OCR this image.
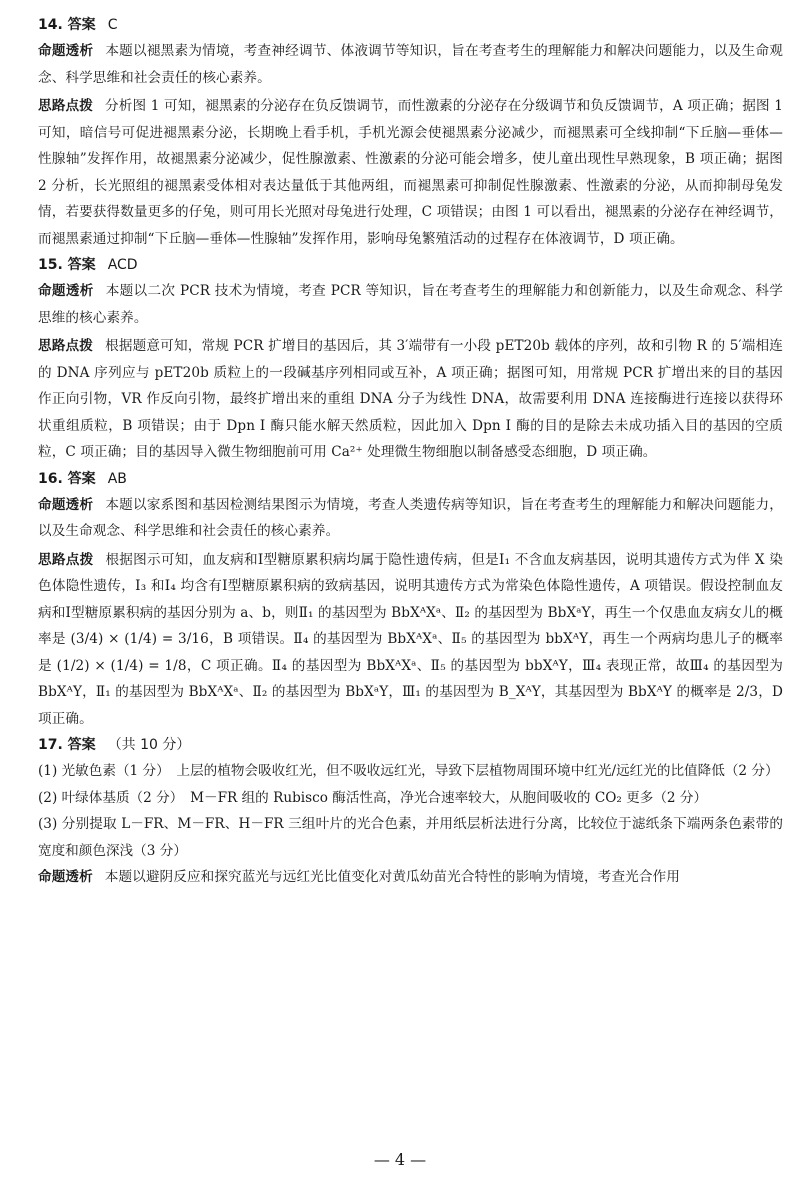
14. 答案 C

命题透析 本题以褪黑素为情境，考查神经调节、体液调节等知识，旨在考查考生的理解能力和解决问题能力，以及生命观念、科学思维和社会责任的核心素养。

思路点拨 分析图 1 可知，褪黑素的分泌存在负反馈调节，而性激素的分泌存在分级调节和负反馈调节，A 项正确；据图 1 可知，暗信号可促进褪黑素分泌，长期晚上看手机，手机光源会使褪黑素分泌减少，而褪黑素可全线抑制“下丘脑—垂体—性腺轴”发挥作用，故褪黑素分泌减少，促性腺激素、性激素的分泌可能会增多，使儿童出现性早熟现象，B 项正确；据图 2 分析，长光照组的褪黑素受体相对表达量低于其他两组，而褪黑素可抑制促性腺激素、性激素的分泌，从而抑制母兔发情，若要获得数量更多的仔兔，则可用长光照对母兔进行处理，C 项错误；由图 1 可以看出，褪黑素的分泌存在神经调节，而褪黑素通过抑制“下丘脑—垂体—性腺轴”发挥作用，影响母兔繁殖活动的过程存在体液调节，D 项正确。

15. 答案 ACD

命题透析 本题以二次 PCR 技术为情境，考查 PCR 等知识，旨在考查考生的理解能力和创新能力，以及生命观念、科学思维的核心素养。

思路点拨 根据题意可知，常规 PCR 扩增目的基因后，其 3′端带有一小段 pET20b 载体的序列，故和引物 R 的 5′端相连的 DNA 序列应与 pET20b 质粒上的一段碱基序列相同或互补，A 项正确；据图可知，用常规 PCR 扩增出来的目的基因作正向引物，VR 作反向引物，最终扩增出来的重组 DNA 分子为线性 DNA，故需要利用 DNA 连接酶进行连接以获得环状重组质粒，B 项错误；由于 Dpn Ⅰ 酶只能水解天然质粒，因此加入 Dpn Ⅰ 酶的目的是除去未成功插入目的基因的空质粒，C 项正确；目的基因导入微生物细胞前可用 Ca²⁺ 处理微生物细胞以制备感受态细胞，D 项正确。

16. 答案 AB

命题透析 本题以家系图和基因检测结果图示为情境，考查人类遗传病等知识，旨在考查考生的理解能力和解决问题能力，以及生命观念、科学思维和社会责任的核心素养。

思路点拨 根据图示可知，血友病和Ⅰ型糖原累积病均属于隐性遗传病，但是Ⅰ₁ 不含血友病基因，说明其遗传方式为伴 X 染色体隐性遗传，Ⅰ₃ 和Ⅰ₄ 均含有Ⅰ型糖原累积病的致病基因，说明其遗传方式为常染色体隐性遗传，A 项错误。假设控制血友病和Ⅰ型糖原累积病的基因分别为 a、b，则Ⅱ₁ 的基因型为 BbXᴬXᵃ、Ⅱ₂ 的基因型为 BbXᵃY，再生一个仅患血友病女儿的概率是 (3/4) × (1/4) = 3/16，B 项错误。Ⅱ₄ 的基因型为 BbXᴬXᵃ、Ⅱ₅ 的基因型为 bbXᴬY，再生一个两病均患儿子的概率是 (1/2) × (1/4) = 1/8，C 项正确。Ⅱ₄ 的基因型为 BbXᴬXᵃ、Ⅱ₅ 的基因型为 bbXᴬY，Ⅲ₄ 表现正常，故Ⅲ₄ 的基因型为 BbXᴬY，Ⅱ₁ 的基因型为 BbXᴬXᵃ、Ⅱ₂ 的基因型为 BbXᵃY，Ⅲ₁ 的基因型为 B_XᴬY，其基因型为 BbXᴬY 的概率是 2/3，D 项正确。

17. 答案 （共 10 分）

(1) 光敏色素（1 分）　上层的植物会吸收红光，但不吸收远红光，导致下层植物周围环境中红光/远红光的比值降低（2 分）

(2) 叶绿体基质（2 分）　M－FR 组的 Rubisco 酶活性高，净光合速率较大，从胞间吸收的 CO₂ 更多（2 分）

(3) 分别提取 L－FR、M－FR、H－FR 三组叶片的光合色素，并用纸层析法进行分离，比较位于滤纸条下端两条色素带的宽度和颜色深浅（3 分）

命题透析 本题以避阴反应和探究蓝光与远红光比值变化对黄瓜幼苗光合特性的影响为情境，考查光合作用

— 4 —
